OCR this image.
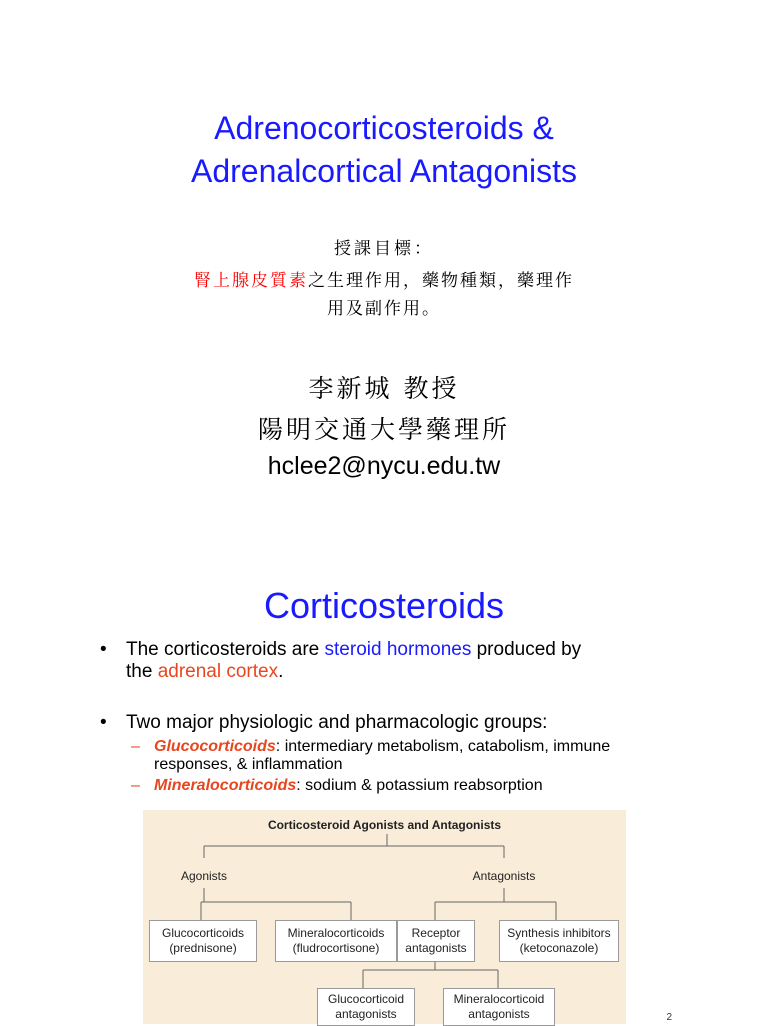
Adrenocorticosteroids &
Adrenalcortical Antagonists
授課目標：
腎上腺皮質素之生理作用，藥物種類，藥理作
用及副作用。
李新城 教授
陽明交通大學藥理所
hclee2@nycu.edu.tw
Corticosteroids
• The corticosteroids are steroid hormones produced by
the adrenal cortex.
• Two major physiologic and pharmacologic groups:
– Glucocorticoids: intermediary metabolism, catabolism, immune
responses, & inflammation
– Mineralocorticoids: sodium & potassium reabsorption
Corticosteroid Agonists and Antagonists
Agonists	Antagonists
Glucocorticoids
(prednisone)
Mineralocorticoids
(fludrocortisone)
Receptor
antagonists
Synthesis inhibitors
(ketoconazole)
Glucocorticoid
antagonists
Mineralocorticoid
antagonists	2
